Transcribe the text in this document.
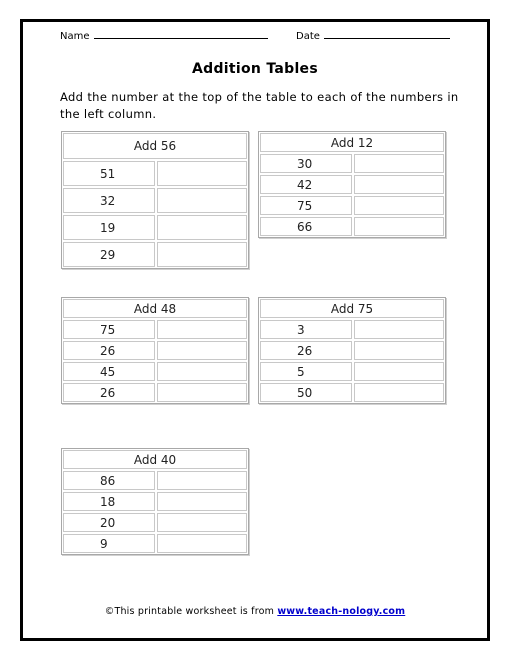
Name	Date
Addition Tables
Add the number at the top of the table to each of the numbers in the left column.
Add 56
51
32
19
29
Add 12
30
42
75
66
Add 48
75
26
45
26
Add 75
3
26
5
50
Add 40
86
18
20
9
©This printable worksheet is from www.teach-nology.com
